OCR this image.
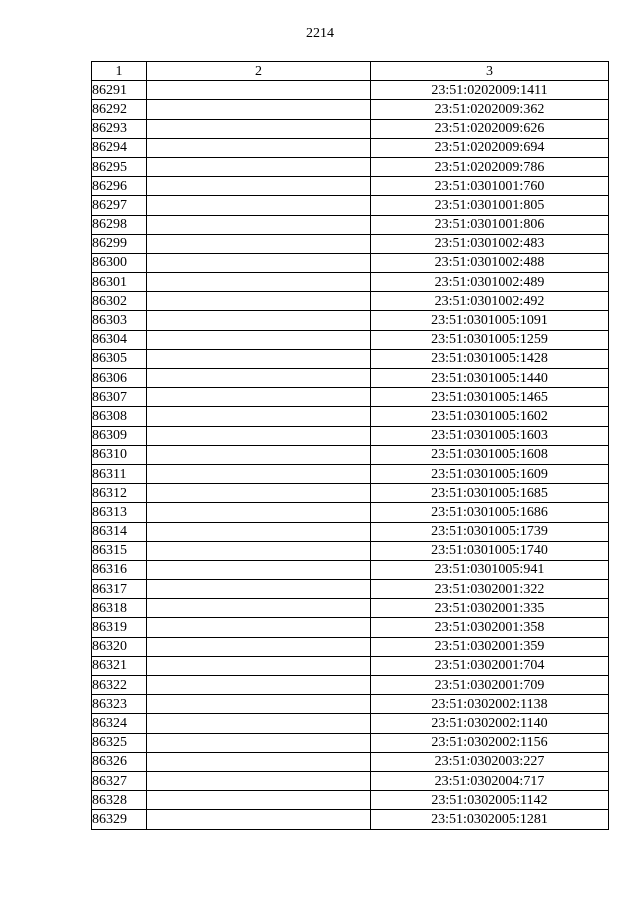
2214
1	2	3
86291		23:51:0202009:1411
86292		23:51:0202009:362
86293		23:51:0202009:626
86294		23:51:0202009:694
86295		23:51:0202009:786
86296		23:51:0301001:760
86297		23:51:0301001:805
86298		23:51:0301001:806
86299		23:51:0301002:483
86300		23:51:0301002:488
86301		23:51:0301002:489
86302		23:51:0301002:492
86303		23:51:0301005:1091
86304		23:51:0301005:1259
86305		23:51:0301005:1428
86306		23:51:0301005:1440
86307		23:51:0301005:1465
86308		23:51:0301005:1602
86309		23:51:0301005:1603
86310		23:51:0301005:1608
86311		23:51:0301005:1609
86312		23:51:0301005:1685
86313		23:51:0301005:1686
86314		23:51:0301005:1739
86315		23:51:0301005:1740
86316		23:51:0301005:941
86317		23:51:0302001:322
86318		23:51:0302001:335
86319		23:51:0302001:358
86320		23:51:0302001:359
86321		23:51:0302001:704
86322		23:51:0302001:709
86323		23:51:0302002:1138
86324		23:51:0302002:1140
86325		23:51:0302002:1156
86326		23:51:0302003:227
86327		23:51:0302004:717
86328		23:51:0302005:1142
86329		23:51:0302005:1281
